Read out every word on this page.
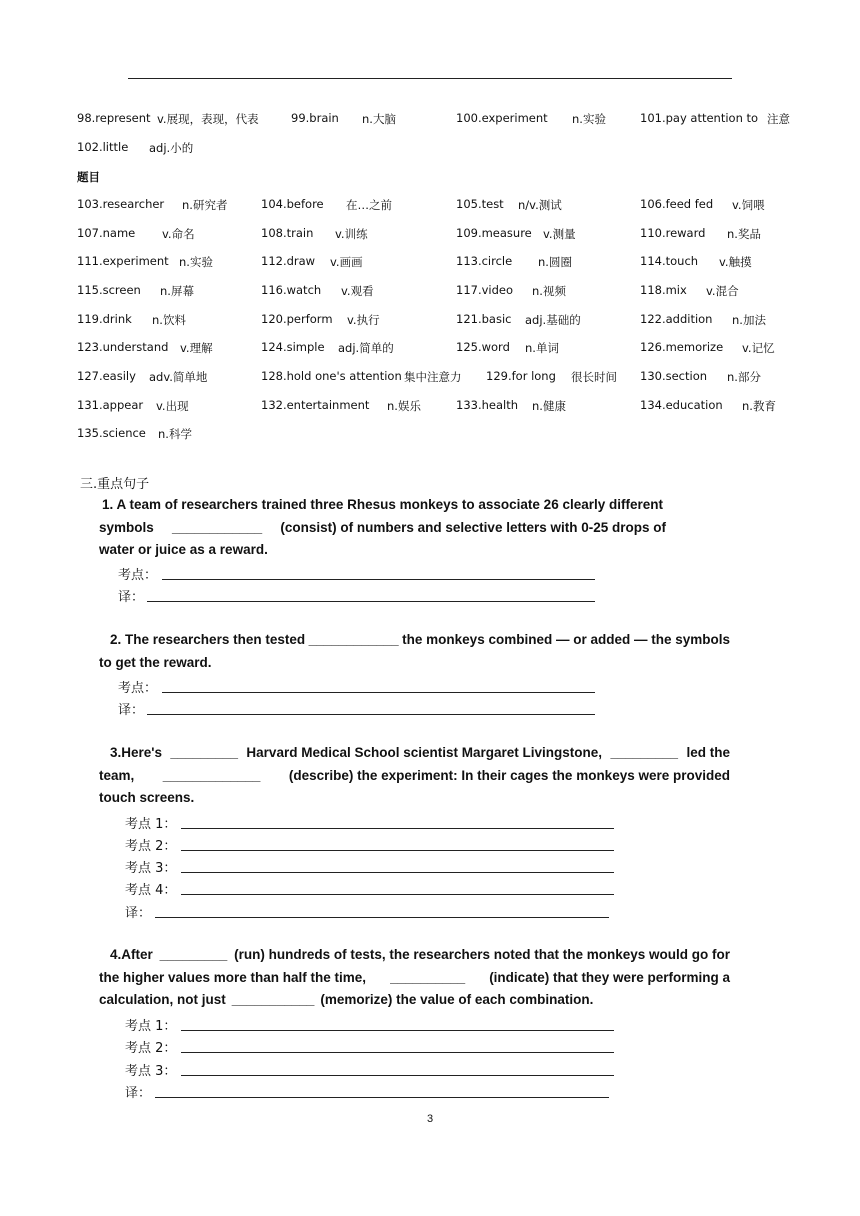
98.represent v.展现，表现，代表	99.brain n.大脑	100.experiment n.实验	101.pay attention to 注意
102.little adj.小的
题目
103.researcher n.研究者	104.before 在…之前	105.test n/v.测试	106.feed fed v.饲喂
107.name v.命名	108.train v.训练	109.measure v.测量	110.reward n.奖品
111.experiment n.实验	112.draw v.画画	113.circle n.圆圈	114.touch v.触摸
115.screen n.屏幕	116.watch v.观看	117.video n.视频	118.mix v.混合
119.drink n.饮料	120.perform v.执行	121.basic adj.基础的	122.addition n.加法
123.understand v.理解	124.simple adj.简单的	125.word n.单词	126.memorize v.记忆
127.easily adv.简单地	128.hold one's attention 集中注意力 129.for long 很长时间 130.section n.部分
131.appear v.出现	132.entertainment n.娱乐	133.health n.健康	134.education n.教育
135.science n.科学
三.重点句子
1. A team of researchers trained three Rhesus monkeys to associate 26 clearly different
symbols ____________ (consist) of numbers and selective letters with 0-25 drops of
water or juice as a reward.
考点：
译：
2. The researchers then tested ____________ the monkeys combined — or added — the symbols
to get the reward.
考点：
译：
3.Here's _________ Harvard Medical School scientist Margaret Livingstone, _________ led the
team, _____________ (describe) the experiment: In their cages the monkeys were provided
touch screens.
考点 1：
考点 2：
考点 3：
考点 4：
译：
4.After _________ (run) hundreds of tests, the researchers noted that the monkeys would go for
the higher values more than half the time, __________ (indicate) that they were performing a
calculation, not just ___________ (memorize) the value of each combination.
考点 1：
考点 2：
考点 3：
译：
3
